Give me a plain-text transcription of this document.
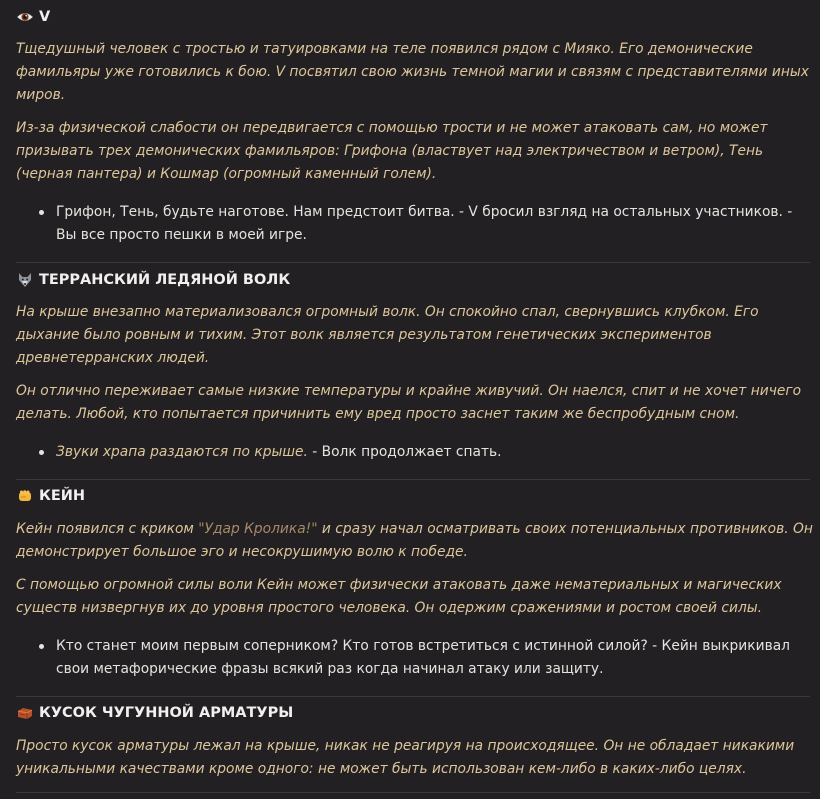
V

Тщедушный человек с тростью и татуировками на теле появился рядом с Мияко. Его демонические фамильяры уже готовились к бою. V посвятил свою жизнь темной магии и связям с представителями иных миров.

Из-за физической слабости он передвигается с помощью трости и не может атаковать сам, но может призывать трех демонических фамильяров: Грифона (властвует над электричеством и ветром), Тень (черная пантера) и Кошмар (огромный каменный голем).

Грифон, Тень, будьте наготове. Нам предстоит битва. - V бросил взгляд на остальных участников. - Вы все просто пешки в моей игре.
ТЕРРАНСКИЙ ЛЕДЯНОЙ ВОЛК

На крыше внезапно материализовался огромный волк. Он спокойно спал, свернувшись клубком. Его дыхание было ровным и тихим. Этот волк является результатом генетических экспериментов древнетерранских людей.

Он отлично переживает самые низкие температуры и крайне живучий. Он наелся, спит и не хочет ничего делать. Любой, кто попытается причинить ему вред просто заснет таким же беспробудным сном.

Звуки храпа раздаются по крыше. - Волк продолжает спать.
КЕЙН

Кейн появился с криком "Удар Кролика!" и сразу начал осматривать своих потенциальных противников. Он демонстрирует большое эго и несокрушимую волю к победе.

С помощью огромной силы воли Кейн может физически атаковать даже нематериальных и магических существ низвергнув их до уровня простого человека. Он одержим сражениями и ростом своей силы.

Кто станет моим первым соперником? Кто готов встретиться с истинной силой? - Кейн выкрикивал свои метафорические фразы всякий раз когда начинал атаку или защиту.
КУСОК ЧУГУННОЙ АРМАТУРЫ

Просто кусок арматуры лежал на крыше, никак не реагируя на происходящее. Он не обладает никакими уникальными качествами кроме одного: не может быть использован кем-либо в каких-либо целях.
